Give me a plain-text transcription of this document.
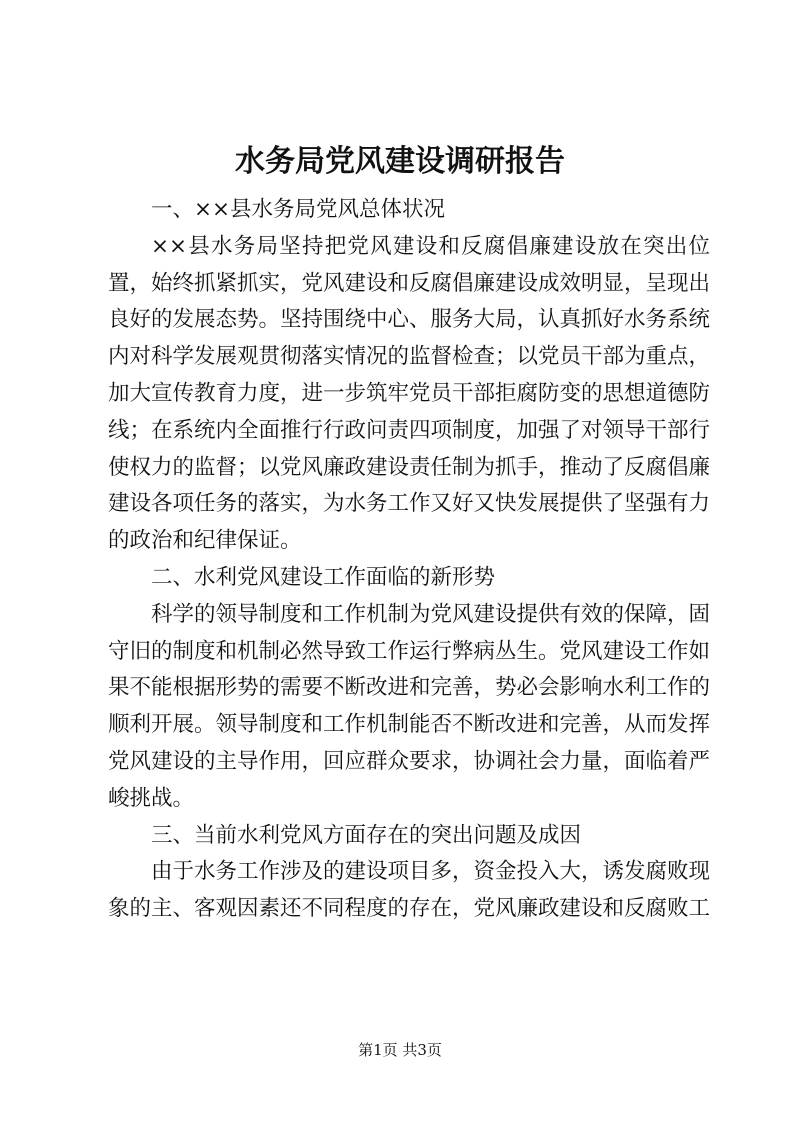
水务局党风建设调研报告

一、××县水务局党风总体状况

××县水务局坚持把党风建设和反腐倡廉建设放在突出位置，始终抓紧抓实，党风建设和反腐倡廉建设成效明显，呈现出良好的发展态势。坚持围绕中心、服务大局，认真抓好水务系统内对科学发展观贯彻落实情况的监督检查；以党员干部为重点，加大宣传教育力度，进一步筑牢党员干部拒腐防变的思想道德防线；在系统内全面推行行政问责四项制度，加强了对领导干部行使权力的监督；以党风廉政建设责任制为抓手，推动了反腐倡廉建设各项任务的落实，为水务工作又好又快发展提供了坚强有力的政治和纪律保证。

二、水利党风建设工作面临的新形势

科学的领导制度和工作机制为党风建设提供有效的保障，固守旧的制度和机制必然导致工作运行弊病丛生。党风建设工作如果不能根据形势的需要不断改进和完善，势必会影响水利工作的顺利开展。领导制度和工作机制能否不断改进和完善，从而发挥党风建设的主导作用，回应群众要求，协调社会力量，面临着严峻挑战。

三、当前水利党风方面存在的突出问题及成因

由于水务工作涉及的建设项目多，资金投入大，诱发腐败现象的主、客观因素还不同程度的存在，党风廉政建设和反腐败工

第1页 共3页
